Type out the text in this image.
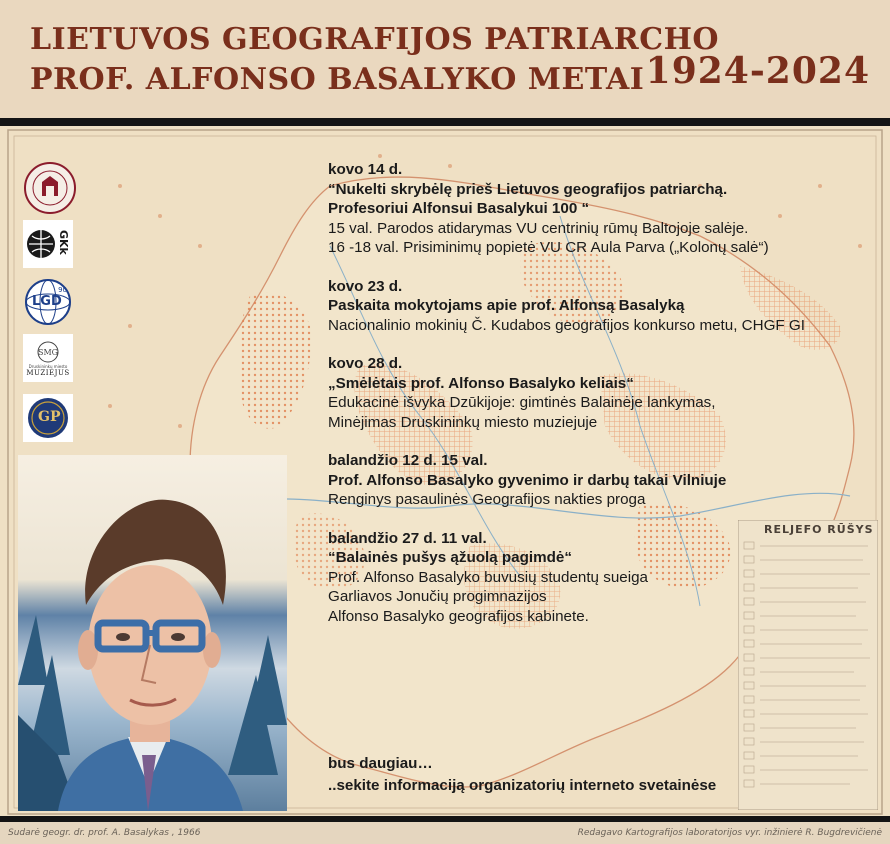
LIETUVOS GEOGRAFIJOS PATRIARCHO
PROF. ALFONSO BASALYKO METAI 1924-2024
RELJEFO RŪŠYS
GKk
LGD
90
SMG
Druskininkų miesto
MUZIEJUS
GP
kovo 14 d.
“Nukelti skrybėlę prieš Lietuvos geografijos patriarchą.
Profesoriui Alfonsui Basalykui 100 “
15 val. Parodos atidarymas VU centrinių rūmų Baltojoje salėje.
16 -18 val. Prisiminimų popietė VU CR Aula Parva („Kolonų salė“)
kovo 23 d.
Paskaita mokytojams apie prof. Alfonsą Basalyką
Nacionalinio mokinių Č. Kudabos geografijos konkurso metu, CHGF GI
kovo 28 d.
„Smėlėtais prof. Alfonso Basalyko keliais“
Edukacinė išvyka Dzūkijoje: gimtinės Balainėje lankymas,
Minėjimas Druskininkų miesto muziejuje
balandžio 12 d. 15 val.
Prof. Alfonso Basalyko gyvenimo ir darbų takai Vilniuje
Renginys pasaulinės Geografijos nakties proga
balandžio 27 d. 11 val.
“Balainės pušys ąžuolą pagimdė“
Prof. Alfonso Basalyko buvusių studentų sueiga
Garliavos Jonučių progimnazijos
Alfonso Basalyko geografijos kabinete.
bus daugiau…
..sekite informaciją organizatorių interneto svetainėse
Sudarė geogr. dr. prof. A. Basalykas , 1966	Redagavo Kartografijos laboratorijos vyr. inžinierė R. Bugdrevičienė
